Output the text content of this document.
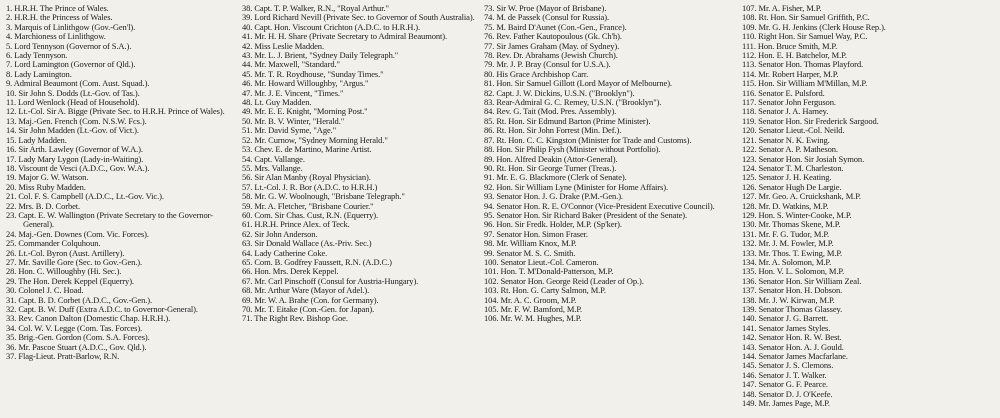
1. H.R.H. The Prince of Wales.
2. H.R.H. the Princess of Wales.
3. Marquis of Linlithgow (Gov.-Gen'l).
4. Marchioness of Linlithgow.
5. Lord Tennyson (Governor of S.A.).
6. Lady Tennyson.
7. Lord Lamington (Governor of Qld.).
8. Lady Lamington.
9. Admiral Beaumont (Com. Aust. Squad.).
10. Sir John S. Dodds (Lt.-Gov. of Tas.).
11. Lord Wenlock (Head of Household).
12. Lt.-Col. Sir A. Bigge (Private Sec. to H.R.H. Prince of Wales).
13. Maj.-Gen. French (Com. N.S.W. Fcs.).
14. Sir John Madden (Lt.-Gov. of Vict.).
15. Lady Madden.
16. Sir Arth. Lawley (Governor of W.A.).
17. Lady Mary Lygon (Lady-in-Waiting).
18. Viscount de Vesci (A.D.C., Gov. W.A.).
19. Major G. W. Watson.
20. Miss Ruby Madden.
21. Col. F. S. Campbell (A.D.C., Lt.-Gov. Vic.).
22. Mrs. B. D. Corbet.
23. Capt. E. W. Wallington (Private Secretary to the Governor-General).
24. Maj.-Gen. Downes (Com. Vic. Forces).
25. Commander Colquhoun.
26. Lt.-Col. Byron (Aust. Artillery).
27. Mr. Saville Gore (Sec. to Gov.-Gen.).
28. Hon. C. Willoughby (Hi. Sec.).
29. The Hon. Derek Keppel (Equerry).
30. Colonel J. C. Hoad.
31. Capt. B. D. Corbet (A.D.C., Gov.-Gen.).
32. Capt. B. W. Duff (Extra A.D.C. to Governor-General).
33. Rev. Canon Dalton (Domestic Chap. H.R.H.).
34. Col. W. V. Legge (Com. Tas. Forces).
35. Brig.-Gen. Gordon (Com. S.A. Forces).
36. Mr. Pascoe Stuart (A.D.C., Gov. Qld.).
37. Flag-Lieut. Pratt-Barlow, R.N.
38. Capt. T. P. Walker, R.N., "Royal Arthur."
39. Lord Richard Nevill (Private Sec. to Governor of South Australia).
40. Capt. Hon. Viscount Crichton (A.D.C. to H.R.H.).
41. Mr. H. H. Share (Private Secretary to Admiral Beaumont).
42. Miss Leslie Madden.
43. Mr. L. J. Brient, "Sydney Daily Telegraph."
44. Mr. Maxwell, "Standard."
45. Mr. T. R. Roydhouse, "Sunday Times."
46. Mr. Howard Willoughby, "Argus."
47. Mr. J. E. Vincent, "Times."
48. Lt. Guy Madden.
49. Mr. E. E. Knight, "Morning Post."
50. Mr. B. V. Winter, "Herald."
51. Mr. David Syme, "Age."
52. Mr. Curnow, "Sydney Morning Herald."
53. Chev. E. de Martino, Marine Artist.
54. Capt. Vallange.
55. Mrs. Vallange.
56. Sir Alan Manby (Royal Physician).
57. Lt.-Col. J. R. Bor (A.D.C. to H.R.H.)
58. Mr. G. W. Woolnough, "Brisbane Telegraph."
59. Mr. A. Fletcher, "Brisbane Courier."
60. Com. Sir Chas. Cust, R.N. (Equerry).
61. H.R.H. Prince Alex. of Teck.
62. Sir John Anderson.
63. Sir Donald Wallace (As.-Priv. Sec.)
64. Lady Catherine Coke.
65. Com. B. Godfrey Faussett, R.N. (A.D.C.)
66. Hon. Mrs. Derek Keppel.
67. Mr. Carl Pinschoff (Consul for Austria-Hungary).
68. Mr. Arthur Ware (Mayor of Adel.).
69. Mr. W. A. Brahe (Con. for Germany).
70. Mr. T. Eitake (Con.-Gen. for Japan).
71. The Right Rev. Bishop Goe.
73. Sir W. Proe (Mayor of Brisbane).
74. M. de Passek (Consul for Russia).
75. M. Baird D'Aunet (Con.-Gen., France).
76. Rev. Father Kautopoulous (Gk. Ch'h).
77. Sir James Graham (May. of Sydney).
78. Rev. Dr. Abrahams (Jewish Church).
79. Mr. J. P. Bray (Consul for U.S.A.).
80. His Grace Archbishop Carr.
81. Hon. Sir Samuel Gillott (Lord Mayor of Melbourne).
82. Capt. J. W. Dickins, U.S.N. ("Brooklyn").
83. Rear-Admiral G. C. Remey, U.S.N. ("Brooklyn").
84. Rev. G. Tait (Mod. Pres. Assembly).
85. Rt. Hon. Sir Edmund Barton (Prime Minister).
86. Rt. Hon. Sir John Forrest (Min. Def.).
87. Rt. Hon. C. C. Kingston (Minister for Trade and Customs).
88. Hon. Sir Philip Fysh (Minister without Portfolio).
89. Hon. Alfred Deakin (Attor-General).
90. Rt. Hon. Sir George Turner (Treas.).
91. Mr. E. G. Blackmore (Clerk of Senate).
92. Hon. Sir William Lyne (Minister for Home Affairs).
93. Senator Hon. J. G. Drake (P.M.-Gen.).
94. Senator Hon. R. E. O'Connor (Vice-President Executive Council).
95. Senator Hon. Sir Richard Baker (President of the Senate).
96. Hon. Sir Fredk. Holder, M.P. (Sp'ker).
97. Senator Hon. Simon Fraser.
98. Mr. William Knox, M.P.
99. Senator M. S. C. Smith.
100. Senator Lieut.-Col. Cameron.
101. Hon. T. M'Donald-Patterson, M.P.
102. Senator Hon. George Reid (Leader of Op.).
103. Rt. Hon. G. Carty Salmon, M.P.
104. Mr. A. C. Groom, M.P.
105. Mr. F. W. Bamford, M.P.
106. Mr. W. M. Hughes, M.P.
107. Mr. A. Fisher, M.P.
108. Rt. Hon. Sir Samuel Griffith, P.C.
109. Mr. G. H. Jenkins (Clerk House Rep.).
110. Right Hon. Sir Samuel Way, P.C.
111. Hon. Bruce Smith, M.P.
112. Hon. E. H. Batchelor, M.P.
113. Senator Hon. Thomas Playford.
114. Mr. Robert Harper, M.P.
115. Hon. Sir William M'Millan, M.P.
116. Senator E. Pulsford.
117. Senator John Ferguson.
118. Senator J. A. Harney.
119. Senator Hon. Sir Frederick Sargood.
120. Senator Lieut.-Col. Neild.
121. Senator N. K. Ewing.
122. Senator A. P. Matheson.
123. Senator Hon. Sir Josiah Symon.
124. Senator T. M. Charleston.
125. Senator J. H. Keating.
126. Senator Hugh De Largie.
127. Mr. Geo. A. Cruickshank, M.P.
128. Mr. D. Watkins, M.P.
129. Hon. S. Winter-Cooke, M.P.
130. Mr. Thomas Skene, M.P.
131. Mr. F. G. Tudor, M.P.
132. Mr. J. M. Fowler, M.P.
133. Mr. Thos. T. Ewing, M.P.
134. Mr. A. Solomon, M.P.
135. Hon. V. L. Solomon, M.P.
136. Senator Hon. Sir William Zeal.
137. Senator Hon. H. Dobson.
138. Mr. J. W. Kirwan, M.P.
139. Senator Thomas Glassey.
140. Senator J. G. Barrett.
141. Senator James Styles.
142. Senator Hon. R. W. Best.
143. Senator Hon. A. J. Gould.
144. Senator James Macfarlane.
145. Senator J. S. Clemons.
146. Senator J. T. Walker.
147. Senator G. F. Pearce.
148. Senator D. J. O'Keefe.
149. Mr. James Page, M.P.
